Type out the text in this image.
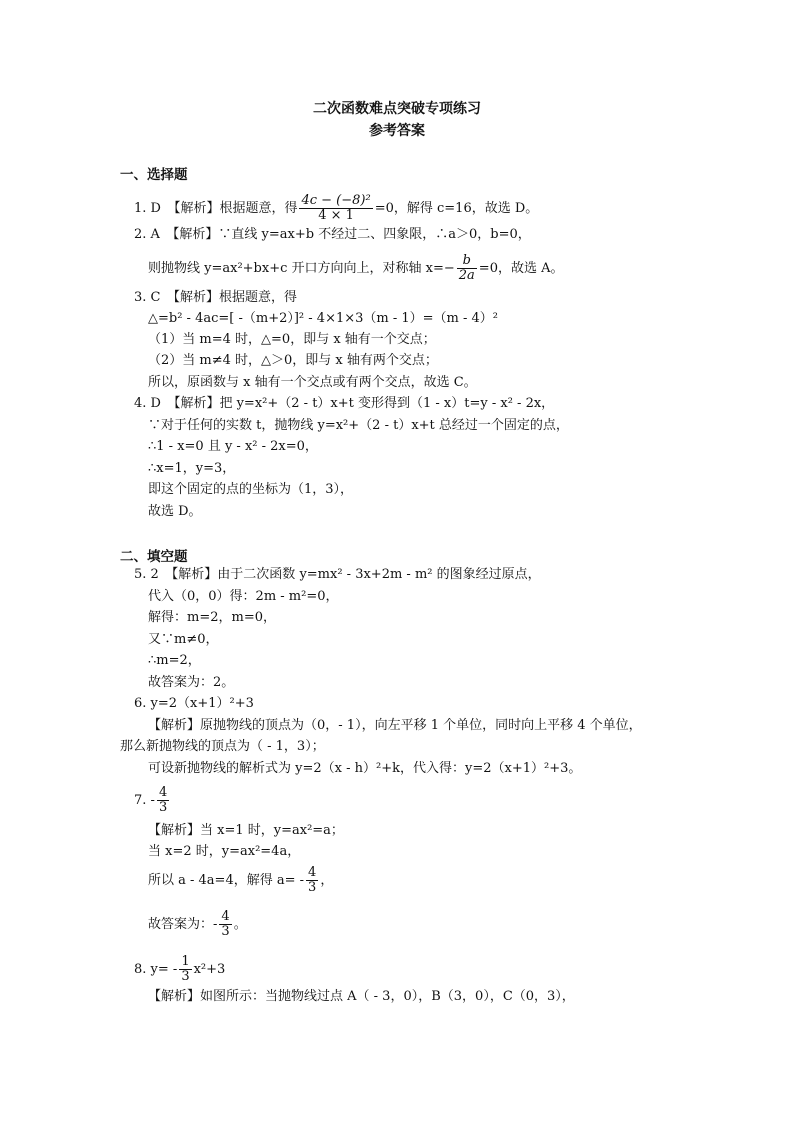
二次函数难点突破专项练习
参考答案
一、选择题
1. D　【解析】根据题意，得 $\frac{\text{4c − (−8)²}}{4 \times 1} =0$，解得 c=16，故选 D。
2. A　【解析】∵直线 y=ax+b 不经过二、四象限，∴a＞0，b=0，
则抛物线 y=ax²+bx+c 开口方向向上，对称轴 $x=- \frac{b}{2a} =0$，故选 A。
3. C　【解析】根据题意，得
△=b² - 4ac=[ -（m+2）]² - 4×1×3（m - 1）=（m - 4）²
（1）当 m=4 时，△=0，即与 x 轴有一个交点；
（2）当 m≠4 时，△＞0，即与 x 轴有两个交点；
所以，原函数与 x 轴有一个交点或有两个交点，故选 C。
4. D　【解析】把 y=x²+（2 - t）x+t 变形得到（1 - x）t=y - x² - 2x，
∵对于任何的实数 t，抛物线 y=x²+（2 - t）x+t 总经过一个固定的点，
∴1 - x=0 且 y - x² - 2x=0，
∴x=1，y=3，
即这个固定的点的坐标为（1，3），
故选 D。
二、填空题
5. 2　【解析】由于二次函数 y=mx² - 3x+2m - m² 的图象经过原点，
代入（0，0）得：2m - m²=0，
解得：m=2，m=0，
又∵m≠0，
∴m=2，
故答案为：2。
6. y=2（x+1）²+3
【解析】原抛物线的顶点为（0，- 1），向左平移 1 个单位，同时向上平移 4 个单位，
那么新抛物线的顶点为（ - 1，3）；
可设新抛物线的解析式为 y=2（x - h）²+k，代入得：y=2（x+1）²+3。
7. - $\frac{4}{3}$
【解析】当 x=1 时，y=ax²=a；
当 x=2 时，y=ax²=4a，
所以 a - 4a=4，解得 $a= - \frac{4}{3}$ ，
故答案为：- $\frac{4}{3}$ 。
8. $y= - \frac{1}{3} x^2+3$
【解析】如图所示：当抛物线过点 A（ - 3，0），B（3，0），C（0，3），
